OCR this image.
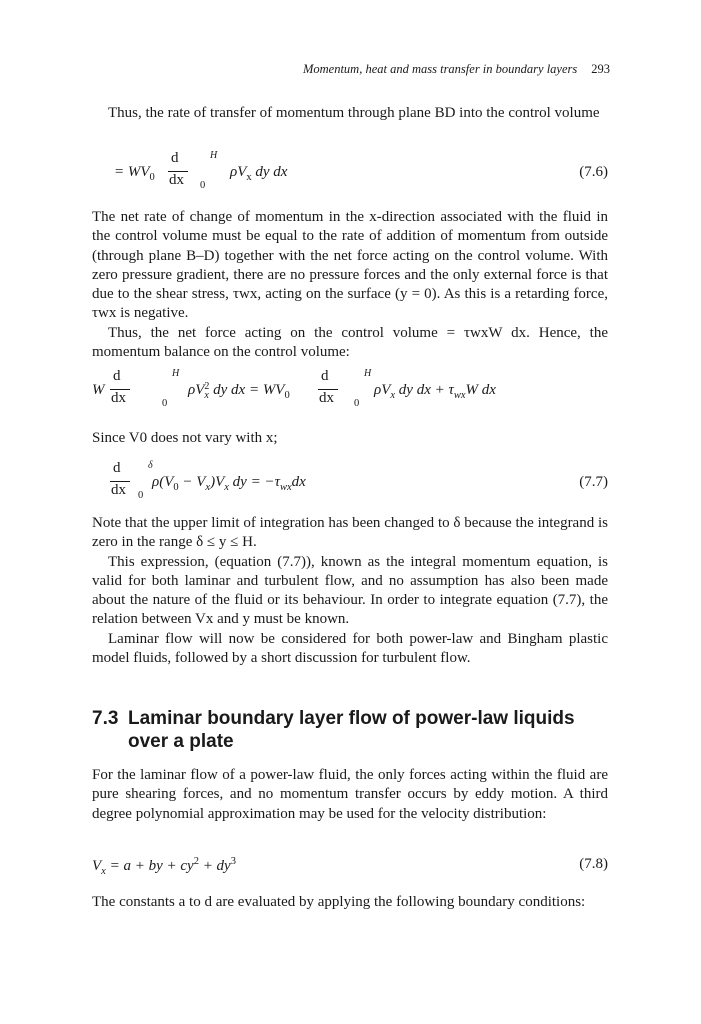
Momentum, heat and mass transfer in boundary layers 293

Thus, the rate of transfer of momentum through plane BD into the control volume

= $WV_0$
d
dx
H
0
$\rho V_x$ dy dx	(7.6)

The net rate of change of momentum in the x-direction associated with the fluid in the control volume must be equal to the rate of addition of momentum from outside (through plane B–D) together with the net force acting on the control volume. With zero pressure gradient, there are no pressure forces and the only external force is that due to the shear stress, τwx, acting on the surface (y = 0). As this is a retarding force, τwx is negative.

Thus, the net force acting on the control volume = τwxW dx. Hence, the momentum balance on the control volume:

W
d
dx
H
0
ρV2
x dy dx = $WV_0$
d
dx
H
0
$\rho V_x$ dy dx + $\tau_{wx}W$ dx

Since V0 does not vary with x;

d
dx
δ
0
$\rho(V_0 - V_x)V_x$ dy = $-\tau_{wx}dx$	(7.7)

Note that the upper limit of integration has been changed to δ because the integrand is zero in the range δ ≤ y ≤ H.

This expression, (equation (7.7)), known as the integral momentum equation, is valid for both laminar and turbulent flow, and no assumption has also been made about the nature of the fluid or its behaviour. In order to integrate equation (7.7), the relation between Vx and y must be known.

Laminar flow will now be considered for both power-law and Bingham plastic model fluids, followed by a short discussion for turbulent flow.

7.3 Laminar boundary layer flow of power-law liquids
over a plate

For the laminar flow of a power-law fluid, the only forces acting within the fluid are pure shearing forces, and no momentum transfer occurs by eddy motion. A third degree polynomial approximation may be used for the velocity distribution:

$V_x = a$ + by + $cy^2 + dy^3$	(7.8)

The constants a to d are evaluated by applying the following boundary conditions:
